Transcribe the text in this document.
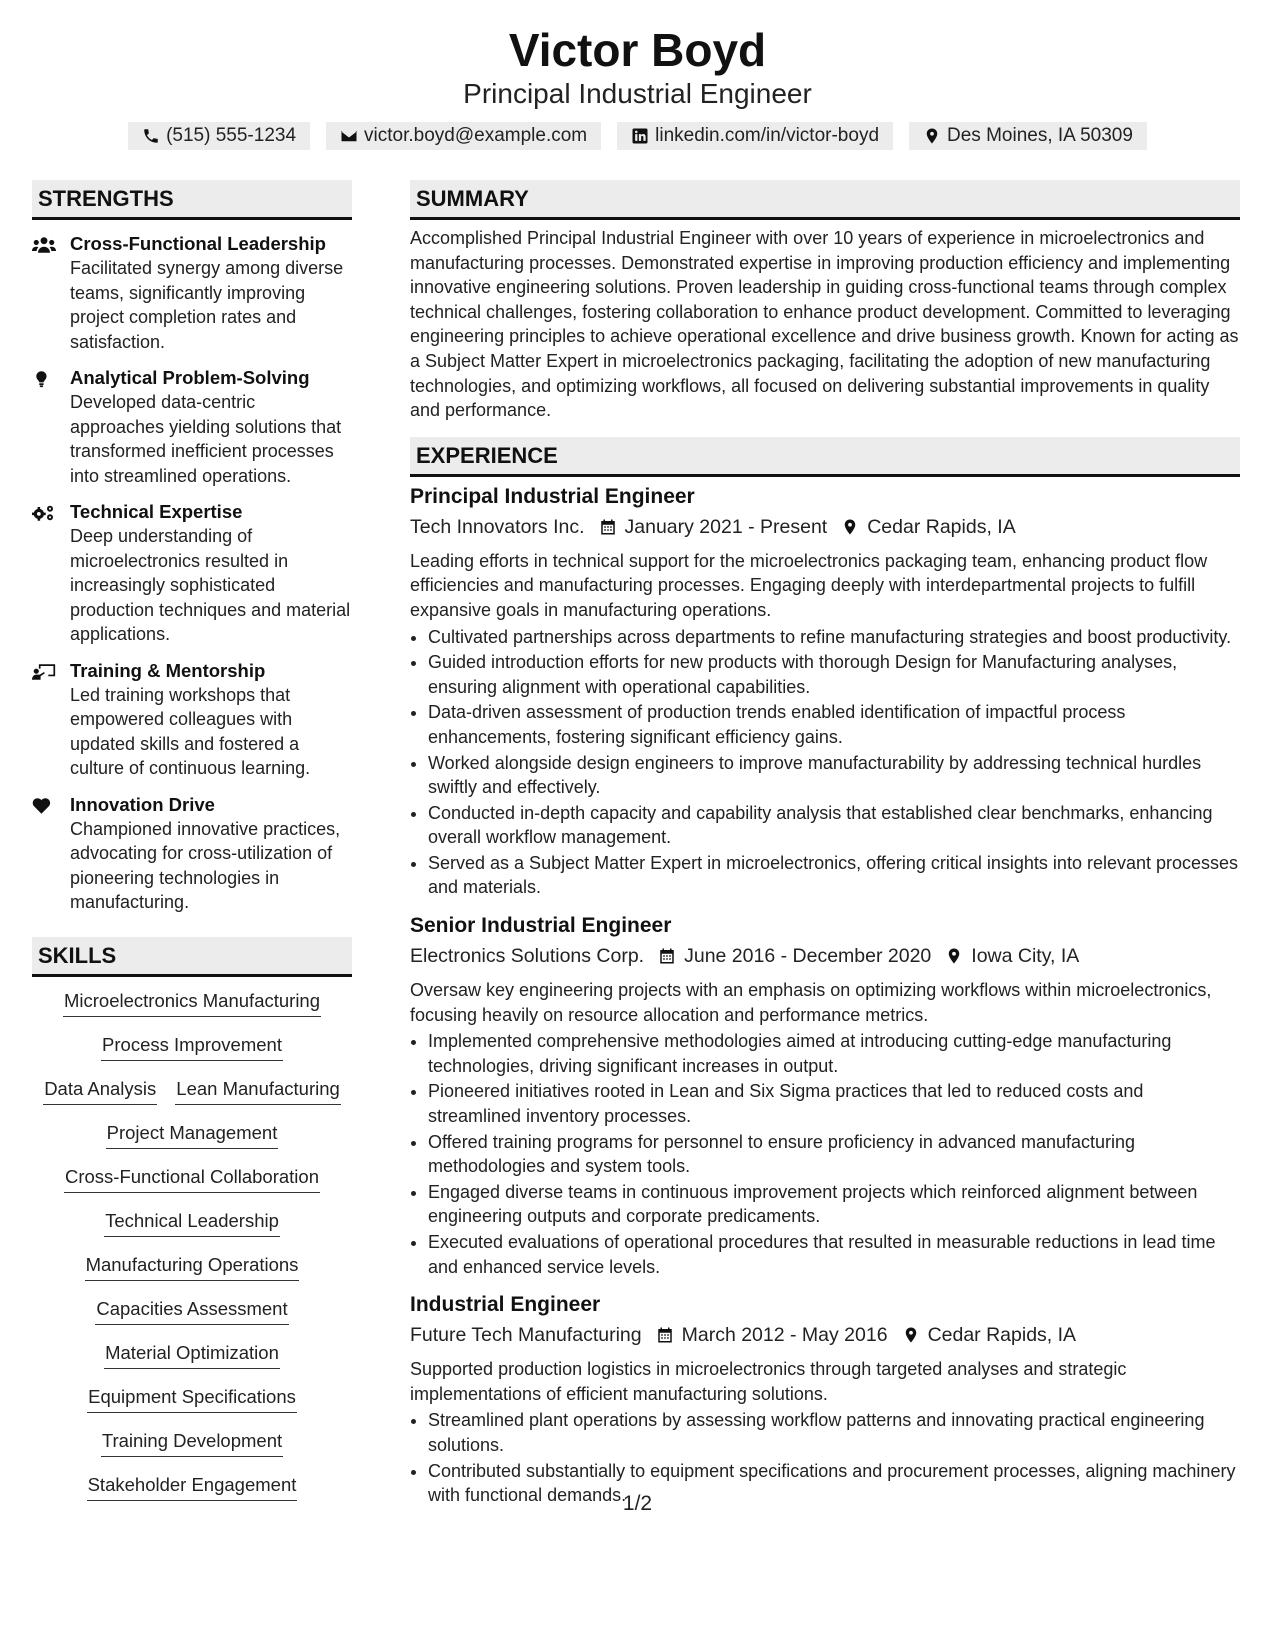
Victor Boyd
Principal Industrial Engineer
(515) 555-1234	victor.boyd@example.com	linkedin.com/in/victor-boyd	Des Moines, IA 50309
STRENGTHS
Cross-Functional Leadership
Facilitated synergy among diverse teams, significantly improving project completion rates and satisfaction.
Analytical Problem-Solving
Developed data-centric approaches yielding solutions that transformed inefficient processes into streamlined operations.
Technical Expertise
Deep understanding of microelectronics resulted in increasingly sophisticated production techniques and material applications.
Training & Mentorship
Led training workshops that empowered colleagues with updated skills and fostered a culture of continuous learning.
Innovation Drive
Championed innovative practices, advocating for cross-utilization of pioneering technologies in manufacturing.
SKILLS
Microelectronics Manufacturing
Process Improvement
Data Analysis Lean Manufacturing
Project Management
Cross-Functional Collaboration
Technical Leadership
Manufacturing Operations
Capacities Assessment
Material Optimization
Equipment Specifications
Training Development
Stakeholder Engagement
SUMMARY
Accomplished Principal Industrial Engineer with over 10 years of experience in microelectronics and manufacturing processes. Demonstrated expertise in improving production efficiency and implementing innovative engineering solutions. Proven leadership in guiding cross-functional teams through complex technical challenges, fostering collaboration to enhance product development. Committed to leveraging engineering principles to achieve operational excellence and drive business growth. Known for acting as a Subject Matter Expert in microelectronics packaging, facilitating the adoption of new manufacturing technologies, and optimizing workflows, all focused on delivering substantial improvements in quality and performance.
EXPERIENCE
Principal Industrial Engineer
Tech Innovators Inc. January 2021 - Present Cedar Rapids, IA
Leading efforts in technical support for the microelectronics packaging team, enhancing product flow efficiencies and manufacturing processes. Engaging deeply with interdepartmental projects to fulfill expansive goals in manufacturing operations.
• Cultivated partnerships across departments to refine manufacturing strategies and boost productivity.
• Guided introduction efforts for new products with thorough Design for Manufacturing analyses, ensuring alignment with operational capabilities.
• Data-driven assessment of production trends enabled identification of impactful process enhancements, fostering significant efficiency gains.
• Worked alongside design engineers to improve manufacturability by addressing technical hurdles swiftly and effectively.
• Conducted in-depth capacity and capability analysis that established clear benchmarks, enhancing overall workflow management.
• Served as a Subject Matter Expert in microelectronics, offering critical insights into relevant processes and materials.
Senior Industrial Engineer
Electronics Solutions Corp. June 2016 - December 2020 Iowa City, IA
Oversaw key engineering projects with an emphasis on optimizing workflows within microelectronics, focusing heavily on resource allocation and performance metrics.
• Implemented comprehensive methodologies aimed at introducing cutting-edge manufacturing technologies, driving significant increases in output.
• Pioneered initiatives rooted in Lean and Six Sigma practices that led to reduced costs and streamlined inventory processes.
• Offered training programs for personnel to ensure proficiency in advanced manufacturing methodologies and system tools.
• Engaged diverse teams in continuous improvement projects which reinforced alignment between engineering outputs and corporate predicaments.
• Executed evaluations of operational procedures that resulted in measurable reductions in lead time and enhanced service levels.
Industrial Engineer
Future Tech Manufacturing March 2012 - May 2016 Cedar Rapids, IA
Supported production logistics in microelectronics through targeted analyses and strategic implementations of efficient manufacturing solutions.
• Streamlined plant operations by assessing workflow patterns and innovating practical engineering solutions.
• Contributed substantially to equipment specifications and procurement processes, aligning machinery with functional demands.
1/2
